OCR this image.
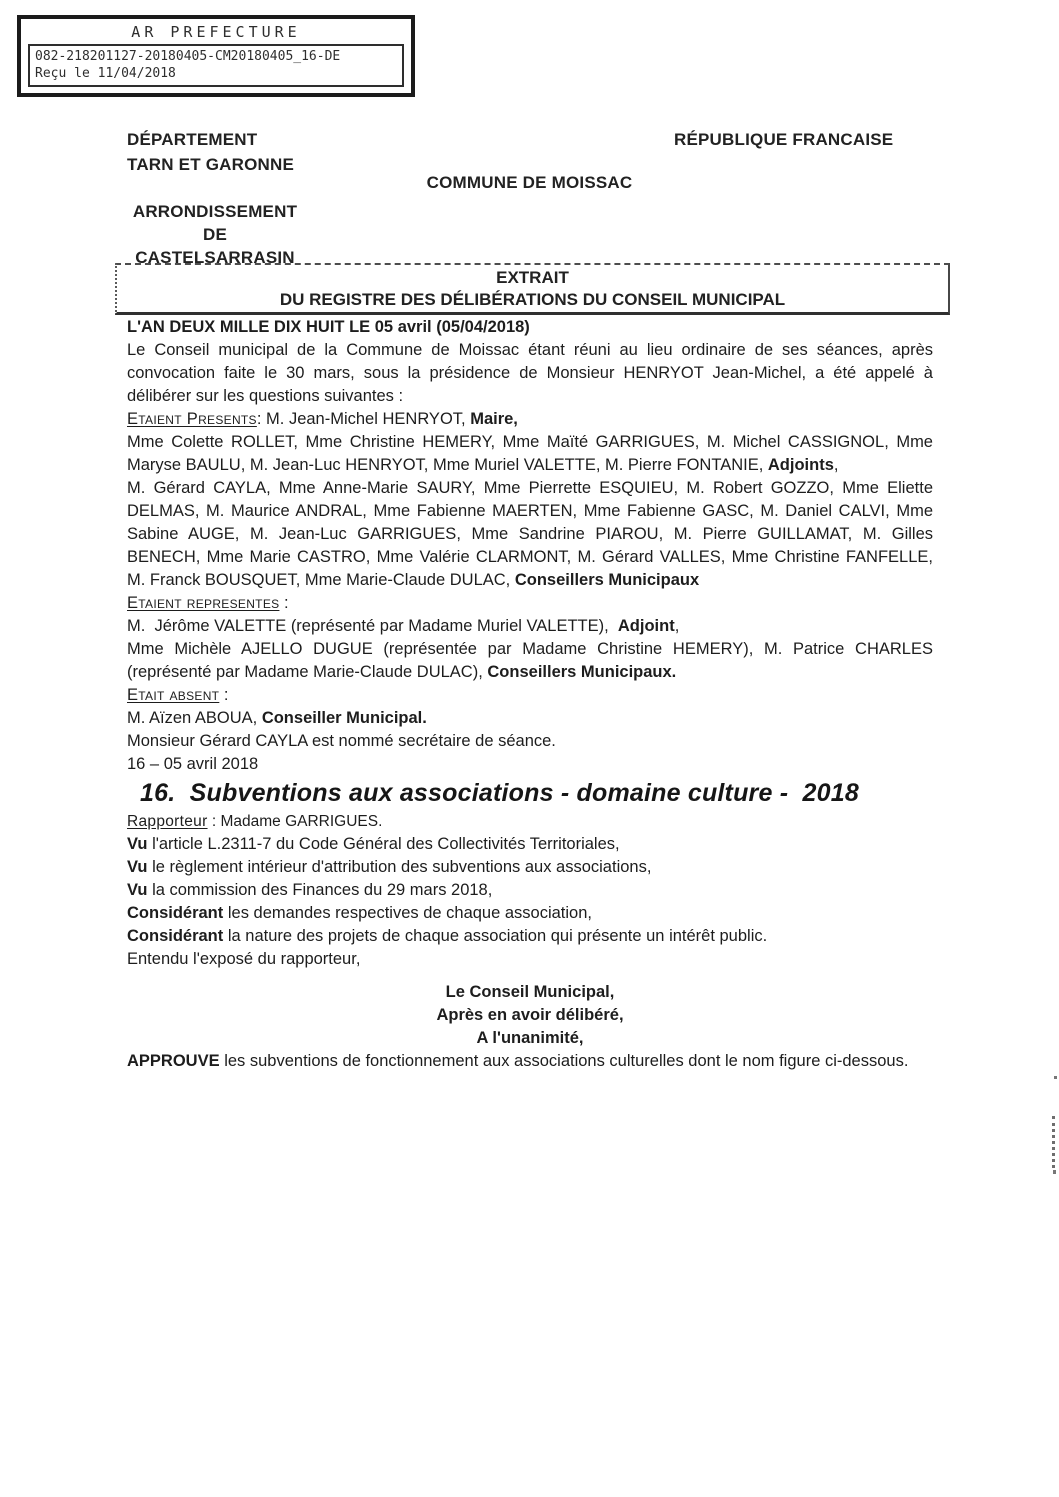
AR PREFECTURE
082-218201127-20180405-CM20180405_16-DE
Reçu le 11/04/2018
DÉPARTEMENT
TARN ET GARONNE
RÉPUBLIQUE FRANCAISE
COMMUNE DE MOISSAC
ARRONDISSEMENT
DE
CASTELSARRASIN
EXTRAIT
DU REGISTRE DES DÉLIBÉRATIONS DU CONSEIL MUNICIPAL

L'AN DEUX MILLE DIX HUIT LE 05 avril (05/04/2018)

Le Conseil municipal de la Commune de Moissac étant réuni au lieu ordinaire de ses séances, après convocation faite le 30 mars, sous la présidence de Monsieur HENRYOT Jean-Michel, a été appelé à délibérer sur les questions suivantes :

Etaient Presents: M. Jean-Michel HENRYOT, Maire,

Mme Colette ROLLET, Mme Christine HEMERY, Mme Maïté GARRIGUES, M. Michel CASSIGNOL, Mme Maryse BAULU, M. Jean-Luc HENRYOT, Mme Muriel VALETTE, M. Pierre FONTANIE, Adjoints,

M. Gérard CAYLA, Mme Anne-Marie SAURY, Mme Pierrette ESQUIEU, M. Robert GOZZO, Mme Eliette DELMAS, M. Maurice ANDRAL, Mme Fabienne MAERTEN, Mme Fabienne GASC, M. Daniel CALVI, Mme Sabine AUGE, M. Jean-Luc GARRIGUES, Mme Sandrine PIAROU, M. Pierre GUILLAMAT, M. Gilles BENECH, Mme Marie CASTRO, Mme Valérie CLARMONT, M. Gérard VALLES, Mme Christine FANFELLE, M. Franck BOUSQUET, Mme Marie-Claude DULAC, Conseillers Municipaux

Etaient representes :

M.  Jérôme VALETTE (représenté par Madame Muriel VALETTE),  Adjoint,

Mme Michèle AJELLO DUGUE (représentée par Madame Christine HEMERY), M. Patrice CHARLES (représenté par Madame Marie-Claude DULAC), Conseillers Municipaux.

Etait absent :

M. Aïzen ABOUA, Conseiller Municipal.

Monsieur Gérard CAYLA est nommé secrétaire de séance.

16 – 05 avril 2018

16.  Subventions aux associations - domaine culture -  2018

Rapporteur : Madame GARRIGUES.

Vu l'article L.2311-7 du Code Général des Collectivités Territoriales,

Vu le règlement intérieur d'attribution des subventions aux associations,

Vu la commission des Finances du 29 mars 2018,

Considérant les demandes respectives de chaque association,

Considérant la nature des projets de chaque association qui présente un intérêt public.

Entendu l'exposé du rapporteur,

Le Conseil Municipal,

Après en avoir délibéré,

A l'unanimité,

APPROUVE les subventions de fonctionnement aux associations culturelles dont le nom figure ci-dessous.
